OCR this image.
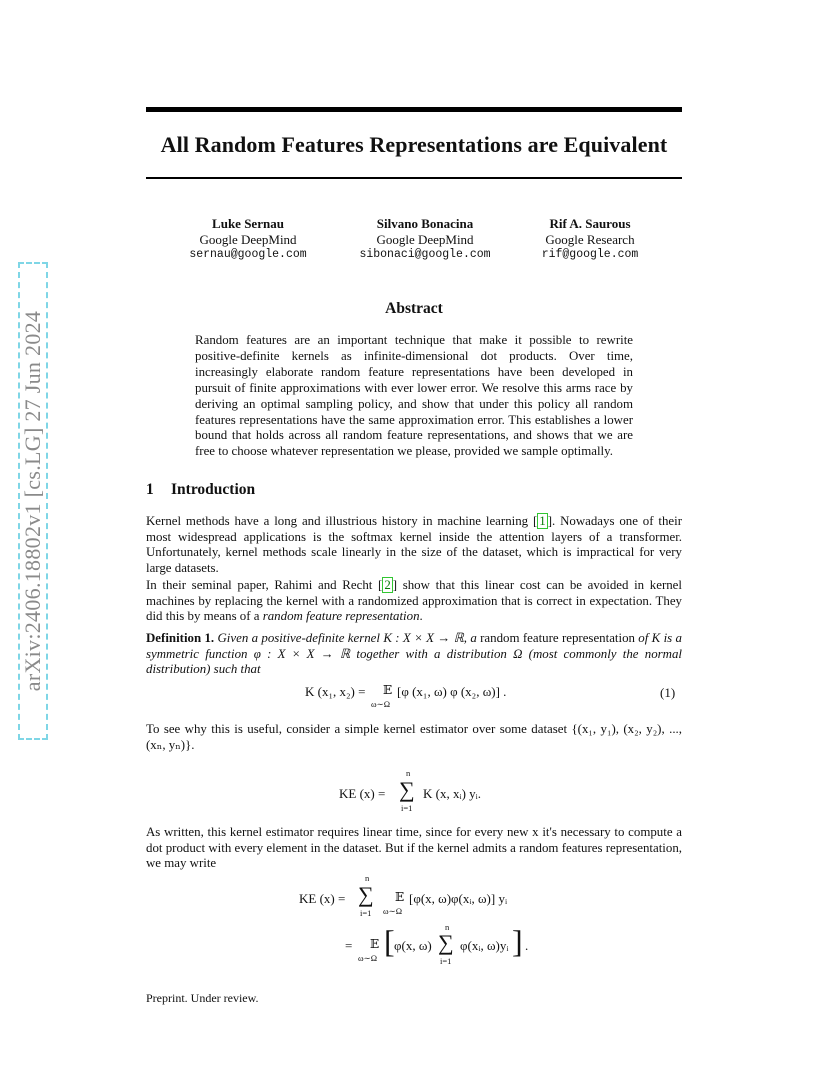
arXiv:2406.18802v1 [cs.LG] 27 Jun 2024
All Random Features Representations are Equivalent
Luke Sernau
Google DeepMind
sernau@google.com
Silvano Bonacina
Google DeepMind
sibonaci@google.com
Rif A. Saurous
Google Research
rif@google.com
Abstract
Random features are an important technique that make it possible to rewrite positive-definite kernels as infinite-dimensional dot products. Over time, increasingly elaborate random feature representations have been developed in pursuit of finite approximations with ever lower error. We resolve this arms race by deriving an optimal sampling policy, and show that under this policy all random features representations have the same approximation error. This establishes a lower bound that holds across all random feature representations, and shows that we are free to choose whatever representation we please, provided we sample optimally.
1 Introduction
Kernel methods have a long and illustrious history in machine learning [ 1 ]. Nowadays one of their most widespread applications is the softmax kernel inside the attention layers of a transformer. Unfortunately, kernel methods scale linearly in the size of the dataset, which is impractical for very large datasets.
In their seminal paper, Rahimi and Recht [ 2 ] show that this linear cost can be avoided in kernel machines by replacing the kernel with a randomized approximation that is correct in expectation. They did this by means of a random feature representation.
Definition 1. Given a positive-definite kernel K : X × X → ℝ, a random feature representation of K is a symmetric function φ : X × X → ℝ together with a distribution Ω (most commonly the normal distribution) such that
K (x₁, x₂) = 𝔼
ω∼Ω
[φ (x₁, ω) φ (x₂, ω)] .	(1)
To see why this is useful, consider a simple kernel estimator over some dataset {(x₁, y₁), (x₂, y₂), ..., (xₙ, yₙ)}.
KE (x) =
n
∑
i=1
K (x, xᵢ) yᵢ.
As written, this kernel estimator requires linear time, since for every new x it's necessary to compute a dot product with every element in the dataset. But if the kernel admits a random features representation, we may write
KE (x) =
n
∑
i=1
𝔼
ω∼Ω
[φ(x, ω)φ(xᵢ, ω)] yᵢ
= 𝔼
ω∼Ω [ φ(x, ω)
n
∑
i=1
φ(xᵢ, ω)yᵢ ] .
Preprint. Under review.
